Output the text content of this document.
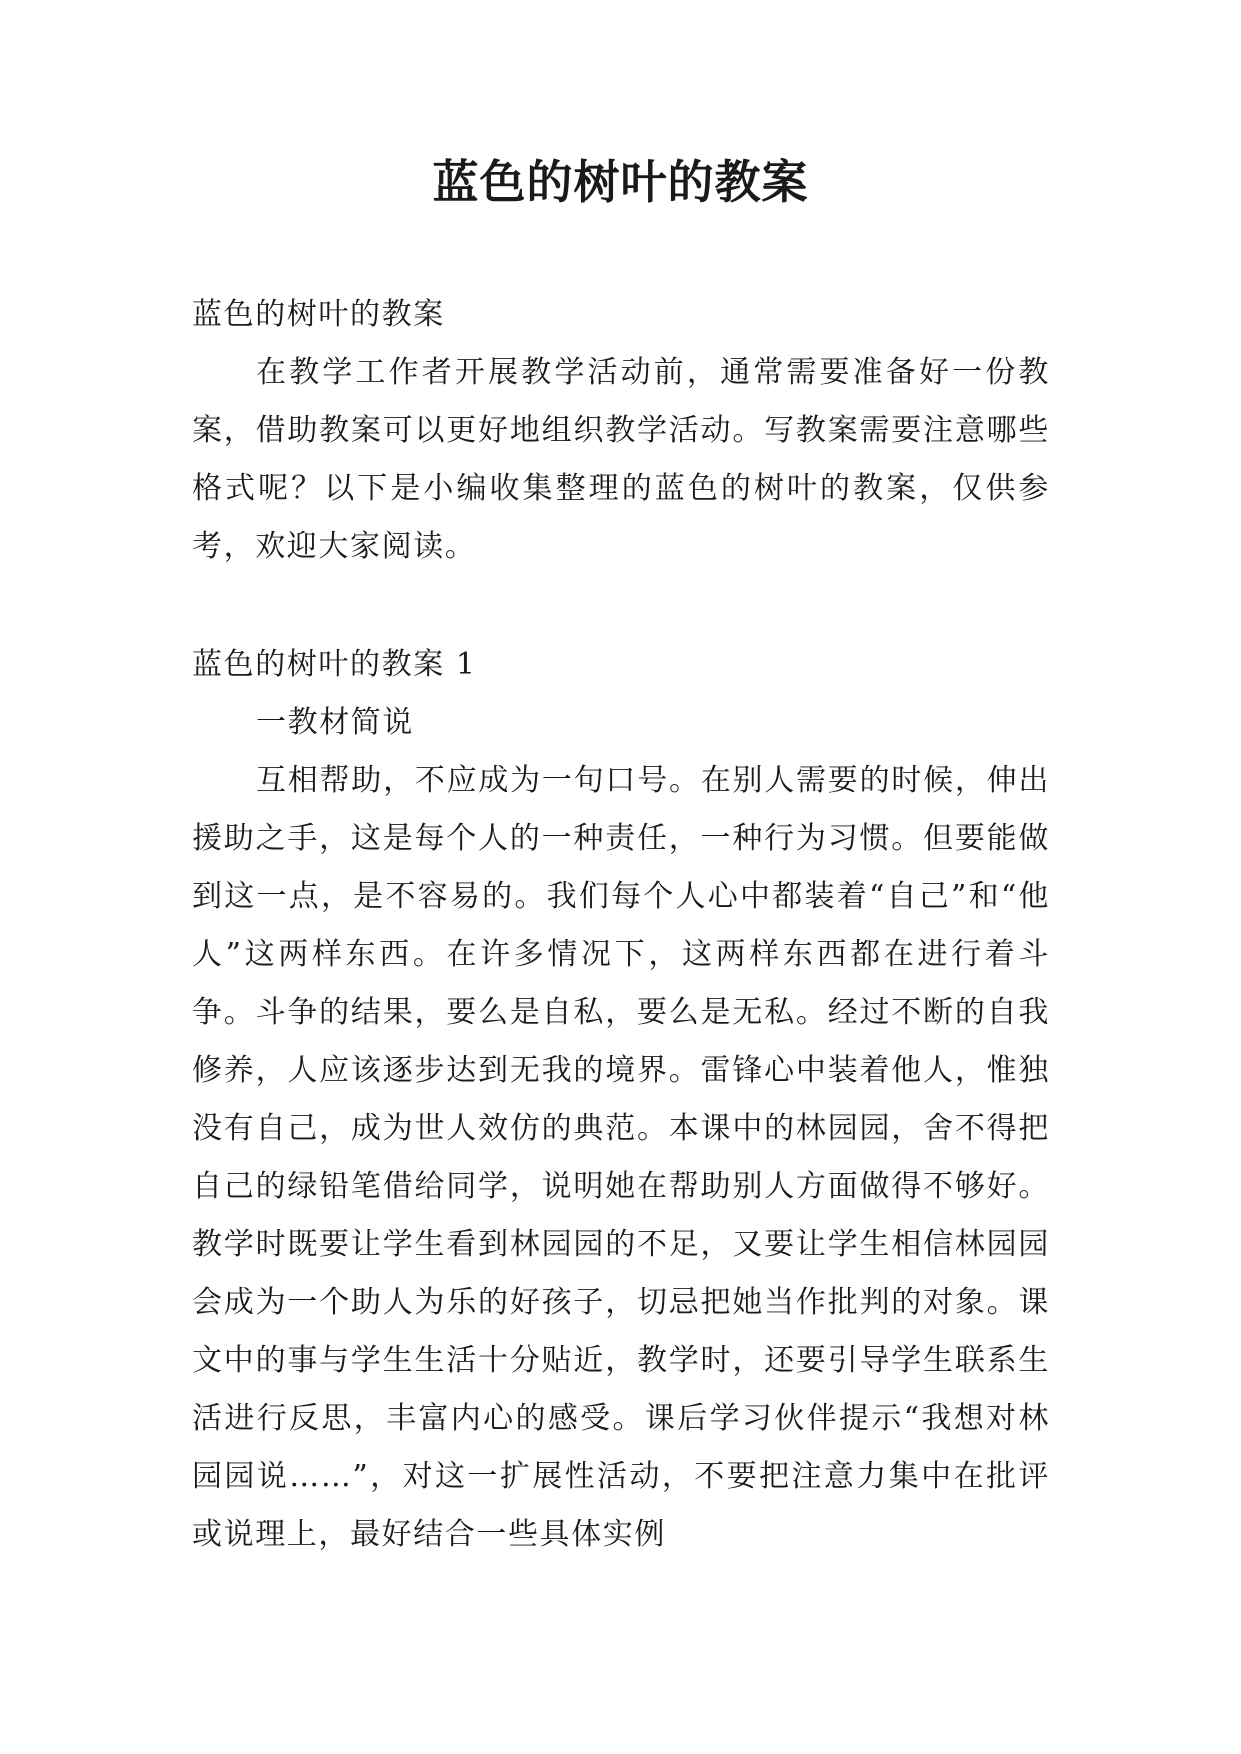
蓝色的树叶的教案

蓝色的树叶的教案

在教学工作者开展教学活动前，通常需要准备好一份教案，借助教案可以更好地组织教学活动。写教案需要注意哪些格式呢？以下是小编收集整理的蓝色的树叶的教案，仅供参考，欢迎大家阅读。

蓝色的树叶的教案 1

一教材简说

互相帮助，不应成为一句口号。在别人需要的时候，伸出援助之手，这是每个人的一种责任，一种行为习惯。但要能做到这一点，是不容易的。我们每个人心中都装着“自己”和“他人”这两样东西。在许多情况下，这两样东西都在进行着斗争。斗争的结果，要么是自私，要么是无私。经过不断的自我修养，人应该逐步达到无我的境界。雷锋心中装着他人，惟独没有自己，成为世人效仿的典范。本课中的林园园，舍不得把自己的绿铅笔借给同学，说明她在帮助别人方面做得不够好。教学时既要让学生看到林园园的不足，又要让学生相信林园园会成为一个助人为乐的好孩子，切忌把她当作批判的对象。课文中的事与学生生活十分贴近，教学时，还要引导学生联系生活进行反思，丰富内心的感受。课后学习伙伴提示“我想对林园园说……”，对这一扩展性活动，不要把注意力集中在批评或说理上，最好结合一些具体实例
